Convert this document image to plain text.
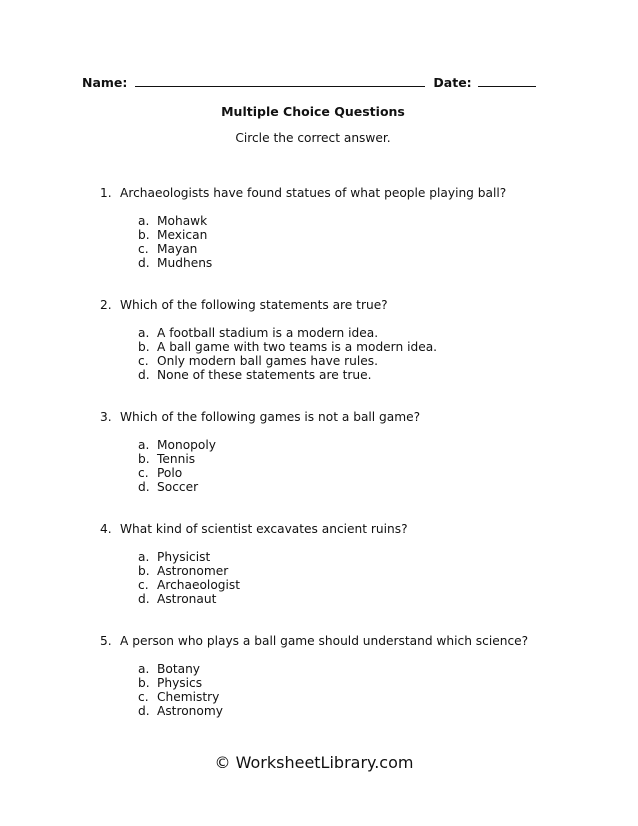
Name:	Date:
Multiple Choice Questions
Circle the correct answer.
1. Archaeologists have found statues of what people playing ball?
a. Mohawk
b. Mexican
c. Mayan
d. Mudhens
2. Which of the following statements are true?
a. A football stadium is a modern idea.
b. A ball game with two teams is a modern idea.
c. Only modern ball games have rules.
d. None of these statements are true.
3. Which of the following games is not a ball game?
a. Monopoly
b. Tennis
c. Polo
d. Soccer
4. What kind of scientist excavates ancient ruins?
a. Physicist
b. Astronomer
c. Archaeologist
d. Astronaut
5. A person who plays a ball game should understand which science?
a. Botany
b. Physics
c. Chemistry
d. Astronomy
© WorksheetLibrary.com
